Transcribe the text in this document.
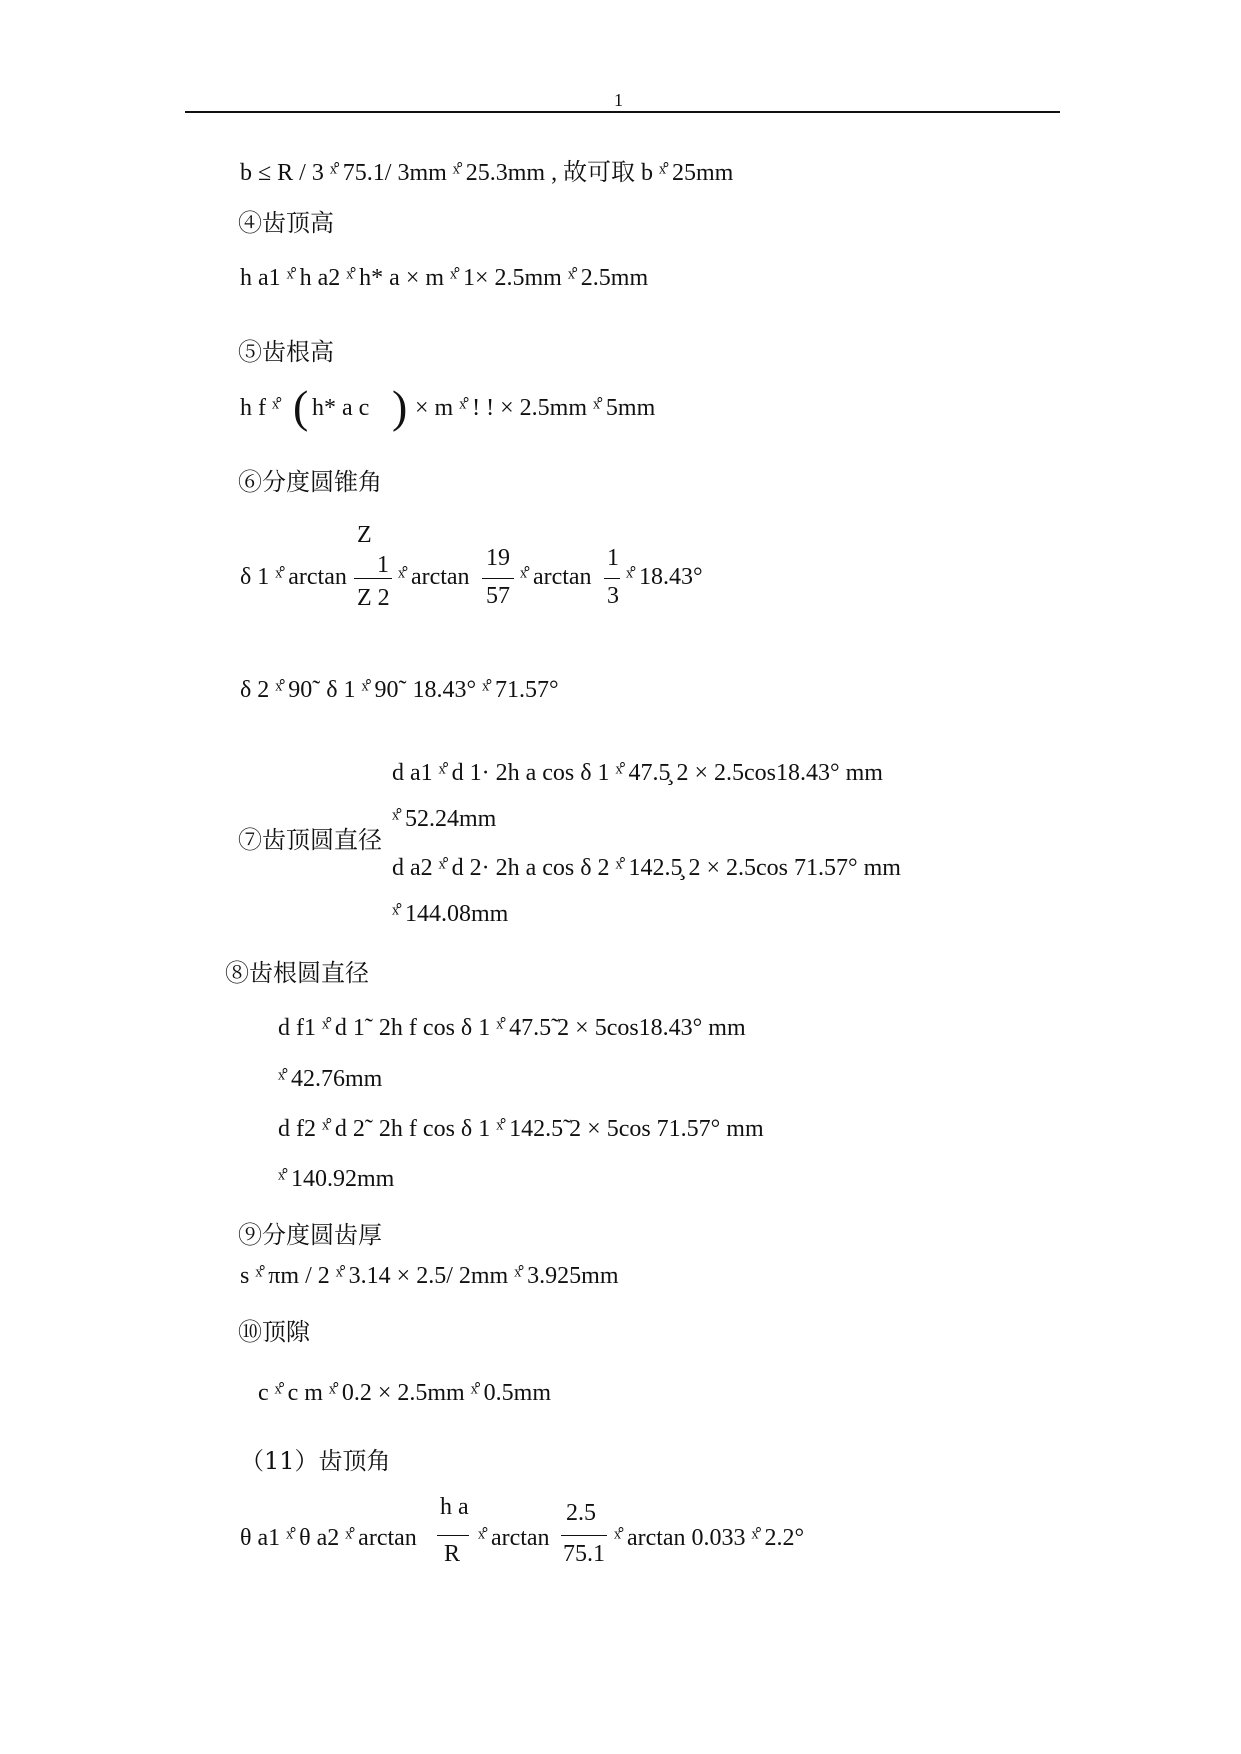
1
b ≤ R / 3 ˣ̊ 75.1/ 3mm ˣ̊ 25.3mm , 故可取 b ˣ̊ 25mm
④齿顶高
h a1 ˣ̊ h a2 ˣ̊ h* a × m ˣ̊ 1× 2.5mm ˣ̊ 2.5mm
⑤齿根高
h f ˣ̊ ( h* a c ) × m ˣ̊ ! ! × 2.5mm ˣ̊ 5mm
⑥分度圆锥角
δ 1 ˣ̊ arctan
Z
1
Z 2
ˣ̊ arctan
19
57
ˣ̊ arctan
1
3
ˣ̊ 18.43°
δ 2 ˣ̊ 90˜ δ 1 ˣ̊ 90˜ 18.43° ˣ̊ 71.57°
⑦齿顶圆直径
d a1 ˣ̊ d 1· 2h a cos δ 1 ˣ̊ 47.5̧ 2 × 2.5cos18.43° mm
ˣ̊ 52.24mm
d a2 ˣ̊ d 2· 2h a cos δ 2 ˣ̊ 142.5̧ 2 × 2.5cos 71.57° mm
ˣ̊ 144.08mm
⑧齿根圆直径
d f1 ˣ̊ d 1˜ 2h f cos δ 1 ˣ̊ 47.5̃ 2 × 5cos18.43° mm
ˣ̊ 42.76mm
d f2 ˣ̊ d 2˜ 2h f cos δ 1 ˣ̊ 142.5̃ 2 × 5cos 71.57° mm
ˣ̊ 140.92mm
⑨分度圆齿厚
s ˣ̊ πm / 2 ˣ̊ 3.14 × 2.5/ 2mm ˣ̊ 3.925mm
⑩顶隙
c ˣ̊ c m ˣ̊ 0.2 × 2.5mm ˣ̊ 0.5mm
（11）齿顶角
θ a1 ˣ̊ θ a2 ˣ̊ arctan
h a
R
ˣ̊ arctan
2.5
75.1
ˣ̊ arctan 0.033 ˣ̊ 2.2°
